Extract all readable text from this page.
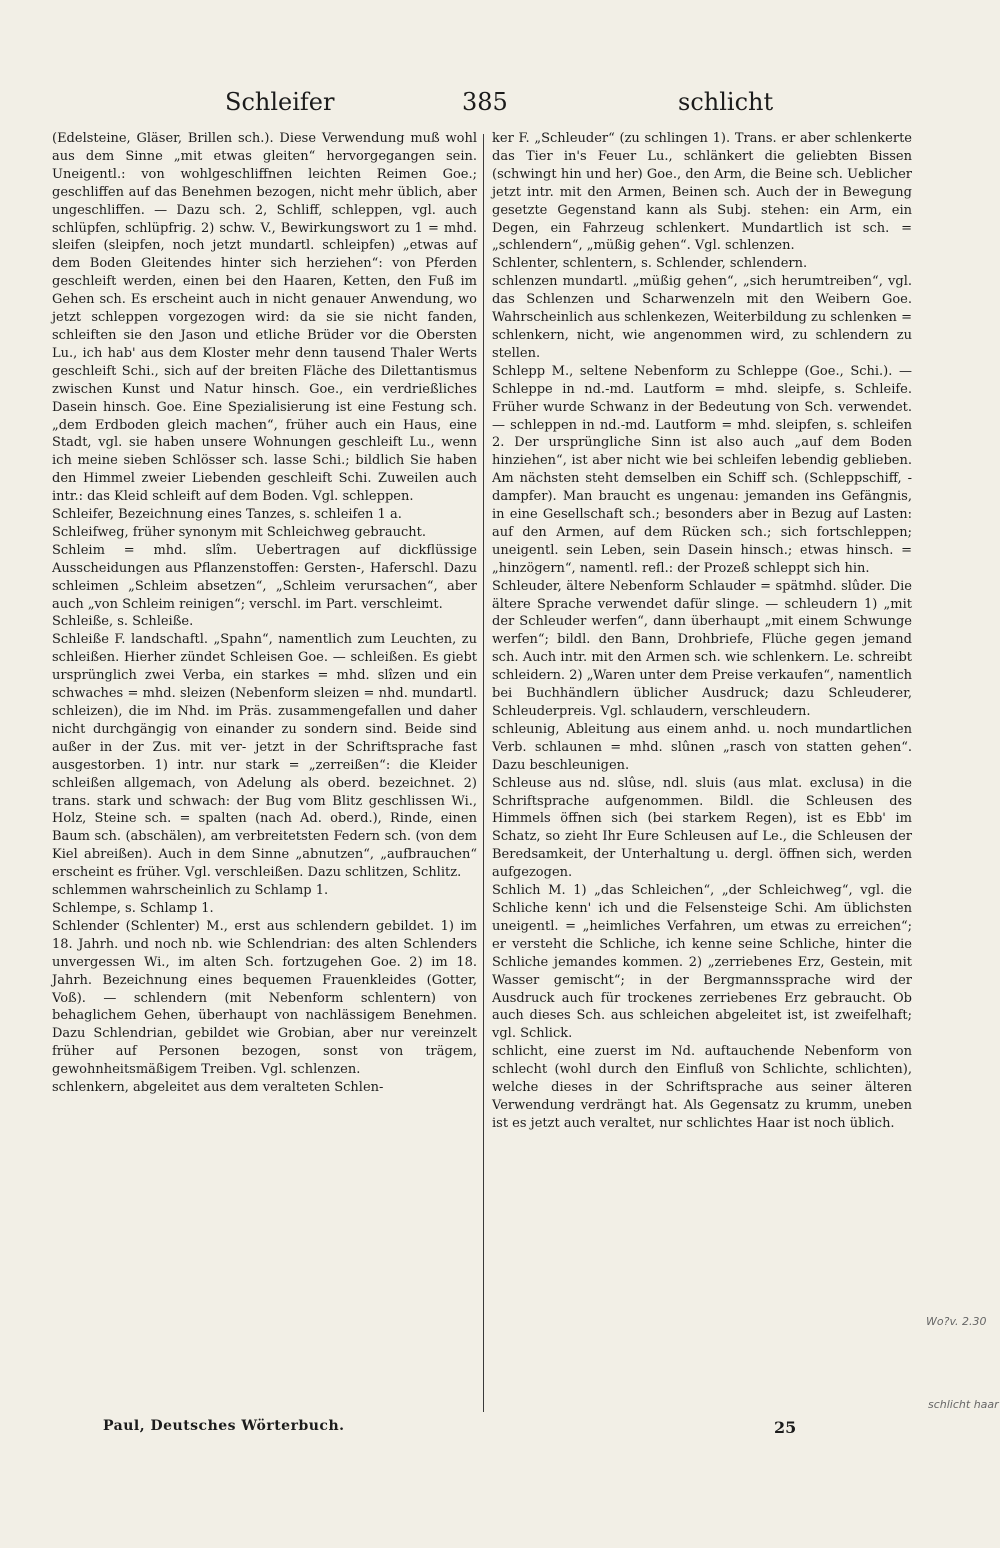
Schleifer	385	schlicht

(Edelsteine, Gläser, Brillen sch.). Diese Verwendung muß wohl aus dem Sinne „mit etwas gleiten“ hervorgegangen sein. Uneigentl.: von wohlgeschliffnen leichten Reimen Goe.; geschliffen auf das Benehmen bezogen, nicht mehr üblich, aber ungeschliffen. — Dazu sch. 2, Schliff, schleppen, vgl. auch schlüpfen, schlüpfrig. 2) schw. V., Bewirkungswort zu 1 = mhd. sleifen (sleipfen, noch jetzt mundartl. schleipfen) „etwas auf dem Boden Gleitendes hinter sich herziehen“: von Pferden geschleift werden, einen bei den Haaren, Ketten, den Fuß im Gehen sch. Es erscheint auch in nicht genauer Anwendung, wo jetzt schleppen vorgezogen wird: da sie sie nicht fanden, schleiften sie den Jason und etliche Brüder vor die Obersten Lu., ich hab' aus dem Kloster mehr denn tausend Thaler Werts geschleift Schi., sich auf der breiten Fläche des Dilettantismus zwischen Kunst und Natur hinsch. Goe., ein verdrießliches Dasein hinsch. Goe. Eine Spezialisierung ist eine Festung sch. „dem Erdboden gleich machen“, früher auch ein Haus, eine Stadt, vgl. sie haben unsere Wohnungen geschleift Lu., wenn ich meine sieben Schlösser sch. lasse Schi.; bildlich Sie haben den Himmel zweier Liebenden geschleift Schi. Zuweilen auch intr.: das Kleid schleift auf dem Boden. Vgl. schleppen.

Schleifer, Bezeichnung eines Tanzes, s. schleifen 1 a.

Schleifweg, früher synonym mit Schleichweg gebraucht.

Schleim = mhd. slîm. Uebertragen auf dickflüssige Ausscheidungen aus Pflanzenstoffen: Gersten-, Haferschl. Dazu schleimen „Schleim absetzen“, „Schleim verursachen“, aber auch „von Schleim reinigen“; verschl. im Part. verschleimt.

Schleiße, s. Schleiße.

Schleiße F. landschaftl. „Spahn“, namentlich zum Leuchten, zu schleißen. Hierher zündet Schleisen Goe. — schleißen. Es giebt ursprünglich zwei Verba, ein starkes = mhd. slîzen und ein schwaches = mhd. sleizen (Nebenform sleizen = nhd. mundartl. schleizen), die im Nhd. im Präs. zusammengefallen und daher nicht durchgängig von einander zu sondern sind. Beide sind außer in der Zus. mit ver- jetzt in der Schriftsprache fast ausgestorben. 1) intr. nur stark = „zerreißen“: die Kleider schleißen allgemach, von Adelung als oberd. bezeichnet. 2) trans. stark und schwach: der Bug vom Blitz geschlissen Wi., Holz, Steine sch. = spalten (nach Ad. oberd.), Rinde, einen Baum sch. (abschälen), am verbreitetsten Federn sch. (von dem Kiel abreißen). Auch in dem Sinne „abnutzen“, „aufbrauchen“ erscheint es früher. Vgl. verschleißen. Dazu schlitzen, Schlitz.

schlemmen wahrscheinlich zu Schlamp 1.

Schlempe, s. Schlamp 1.

Schlender (Schlenter) M., erst aus schlendern gebildet. 1) im 18. Jahrh. und noch nb. wie Schlendrian: des alten Schlenders unvergessen Wi., im alten Sch. fortzugehen Goe. 2) im 18. Jahrh. Bezeichnung eines bequemen Frauenkleides (Gotter, Voß). — schlendern (mit Nebenform schlentern) von behaglichem Gehen, überhaupt von nachlässigem Benehmen. Dazu Schlendrian, gebildet wie Grobian, aber nur vereinzelt früher auf Personen bezogen, sonst von trägem, gewohnheitsmäßigem Treiben. Vgl. schlenzen.

schlenkern, abgeleitet aus dem veralteten Schlen-

ker F. „Schleuder“ (zu schlingen 1). Trans. er aber schlenkerte das Tier in's Feuer Lu., schlänkert die geliebten Bissen (schwingt hin und her) Goe., den Arm, die Beine sch. Ueblicher jetzt intr. mit den Armen, Beinen sch. Auch der in Bewegung gesetzte Gegenstand kann als Subj. stehen: ein Arm, ein Degen, ein Fahrzeug schlenkert. Mundartlich ist sch. = „schlendern“, „müßig gehen“. Vgl. schlenzen.

Schlenter, schlentern, s. Schlender, schlendern.

schlenzen mundartl. „müßig gehen“, „sich herumtreiben“, vgl. das Schlenzen und Scharwenzeln mit den Weibern Goe. Wahrscheinlich aus schlenkezen, Weiterbildung zu schlenken = schlenkern, nicht, wie angenommen wird, zu schlendern zu stellen.

Schlepp M., seltene Nebenform zu Schleppe (Goe., Schi.). — Schleppe in nd.-md. Lautform = mhd. sleipfe, s. Schleife. Früher wurde Schwanz in der Bedeutung von Sch. verwendet. — schleppen in nd.-md. Lautform = mhd. sleipfen, s. schleifen 2. Der ursprüngliche Sinn ist also auch „auf dem Boden hinziehen“, ist aber nicht wie bei schleifen lebendig geblieben. Am nächsten steht demselben ein Schiff sch. (Schleppschiff, -dampfer). Man braucht es ungenau: jemanden ins Gefängnis, in eine Gesellschaft sch.; besonders aber in Bezug auf Lasten: auf den Armen, auf dem Rücken sch.; sich fortschleppen; uneigentl. sein Leben, sein Dasein hinsch.; etwas hinsch. = „hinzögern“, namentl. refl.: der Prozeß schleppt sich hin.

Schleuder, ältere Nebenform Schlauder = spätmhd. slûder. Die ältere Sprache verwendet dafür slinge. — schleudern 1) „mit der Schleuder werfen“, dann überhaupt „mit einem Schwunge werfen“; bildl. den Bann, Drohbriefe, Flüche gegen jemand sch. Auch intr. mit den Armen sch. wie schlenkern. Le. schreibt schleidern. 2) „Waren unter dem Preise verkaufen“, namentlich bei Buchhändlern üblicher Ausdruck; dazu Schleuderer, Schleuderpreis. Vgl. schlaudern, verschleudern.

schleunig, Ableitung aus einem anhd. u. noch mundartlichen Verb. schlaunen = mhd. slûnen „rasch von statten gehen“. Dazu beschleunigen.

Schleuse aus nd. slûse, ndl. sluis (aus mlat. exclusa) in die Schriftsprache aufgenommen. Bildl. die Schleusen des Himmels öffnen sich (bei starkem Regen), ist es Ebb' im Schatz, so zieht Ihr Eure Schleusen auf Le., die Schleusen der Beredsamkeit, der Unterhaltung u. dergl. öffnen sich, werden aufgezogen.

Schlich M. 1) „das Schleichen“, „der Schleichweg“, vgl. die Schliche kenn' ich und die Felsensteige Schi. Am üblichsten uneigentl. = „heimliches Verfahren, um etwas zu erreichen“; er versteht die Schliche, ich kenne seine Schliche, hinter die Schliche jemandes kommen. 2) „zerriebenes Erz, Gestein, mit Wasser gemischt“; in der Bergmannssprache wird der Ausdruck auch für trockenes zerriebenes Erz gebraucht. Ob auch dieses Sch. aus schleichen abgeleitet ist, ist zweifelhaft; vgl. Schlick.

schlicht, eine zuerst im Nd. auftauchende Nebenform von schlecht (wohl durch den Einfluß von Schlichte, schlichten), welche dieses in der Schriftsprache aus seiner älteren Verwendung verdrängt hat. Als Gegensatz zu krumm, uneben ist es jetzt auch veraltet, nur schlichtes Haar ist noch üblich.

Paul, Deutsches Wörterbuch.	25
Wo?v. 2.30
schlicht haar
